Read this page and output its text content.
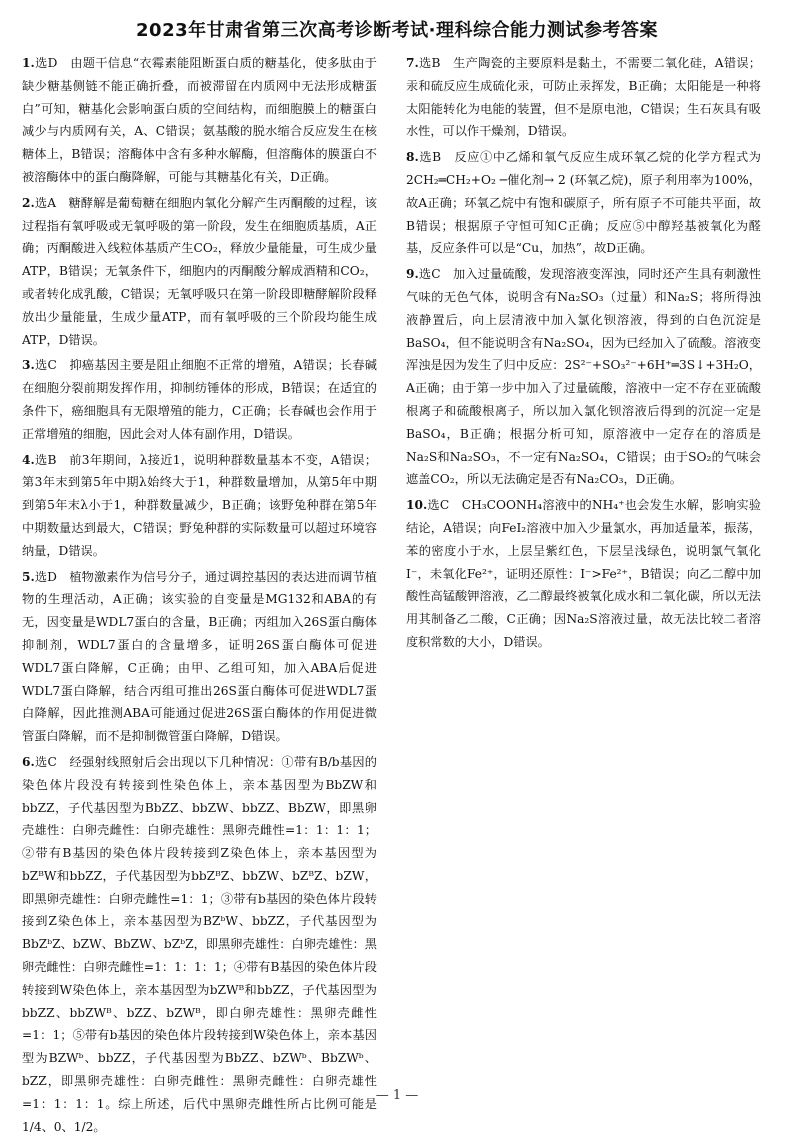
2023年甘肃省第三次高考诊断考试·理科综合能力测试参考答案

1.选D　由题干信息“衣霉素能阻断蛋白质的糖基化，使多肽由于缺少糖基侧链不能正确折叠，而被滞留在内质网中无法形成糖蛋白”可知，糖基化会影响蛋白质的空间结构，而细胞膜上的糖蛋白减少与内质网有关，A、C错误；氨基酸的脱水缩合反应发生在核糖体上，B错误；溶酶体中含有多种水解酶，但溶酶体的膜蛋白不被溶酶体中的蛋白酶降解，可能与其糖基化有关，D正确。

2.选A　糖酵解是葡萄糖在细胞内氧化分解产生丙酮酸的过程，该过程指有氧呼吸或无氧呼吸的第一阶段，发生在细胞质基质，A正确；丙酮酸进入线粒体基质产生CO₂，释放少量能量，可生成少量ATP，B错误；无氧条件下，细胞内的丙酮酸分解成酒精和CO₂，或者转化成乳酸，C错误；无氧呼吸只在第一阶段即糖酵解阶段释放出少量能量，生成少量ATP，而有氧呼吸的三个阶段均能生成ATP，D错误。

3.选C　抑癌基因主要是阻止细胞不正常的增殖，A错误；长春碱在细胞分裂前期发挥作用，抑制纺锤体的形成，B错误；在适宜的条件下，癌细胞具有无限增殖的能力，C正确；长春碱也会作用于正常增殖的细胞，因此会对人体有副作用，D错误。

4.选B　前3年期间，λ接近1，说明种群数量基本不变，A错误；第3年末到第5年中期λ始终大于1，种群数量增加，从第5年中期到第5年末λ小于1，种群数量减少，B正确；该野兔种群在第5年中期数量达到最大，C错误；野兔种群的实际数量可以超过环境容纳量，D错误。

5.选D　植物激素作为信号分子，通过调控基因的表达进而调节植物的生理活动，A正确；该实验的自变量是MG132和ABA的有无，因变量是WDL7蛋白的含量，B正确；丙组加入26S蛋白酶体抑制剂，WDL7蛋白的含量增多，证明26S蛋白酶体可促进WDL7蛋白降解，C正确；由甲、乙组可知，加入ABA后促进WDL7蛋白降解，结合丙组可推出26S蛋白酶体可促进WDL7蛋白降解，因此推测ABA可能通过促进26S蛋白酶体的作用促进微管蛋白降解，而不是抑制微管蛋白降解，D错误。

6.选C　经强射线照射后会出现以下几种情况：①带有B/b基因的染色体片段没有转接到性染色体上，亲本基因型为BbZW和bbZZ，子代基因型为BbZZ、bbZW、bbZZ、BbZW，即黑卵壳雄性：白卵壳雌性：白卵壳雄性：黑卵壳雌性=1：1：1：1；②带有B基因的染色体片段转接到Z染色体上，亲本基因型为bZᴮW和bbZZ，子代基因型为bbZᴮZ、bbZW、bZᴮZ、bZW，即黑卵壳雄性：白卵壳雌性=1：1；③带有b基因的染色体片段转接到Z染色体上，亲本基因型为BZᵇW、bbZZ，子代基因型为BbZᵇZ、bZW、BbZW、bZᵇZ，即黑卵壳雄性：白卵壳雄性：黑卵壳雌性：白卵壳雌性=1：1：1：1；④带有B基因的染色体片段转接到W染色体上，亲本基因型为bZWᴮ和bbZZ，子代基因型为bbZZ、bbZWᴮ、bZZ、bZWᴮ，即白卵壳雄性：黑卵壳雌性=1：1；⑤带有b基因的染色体片段转接到W染色体上，亲本基因型为BZWᵇ、bbZZ，子代基因型为BbZZ、bZWᵇ、BbZWᵇ、bZZ，即黑卵壳雄性：白卵壳雌性：黑卵壳雌性：白卵壳雄性=1：1：1：1。综上所述，后代中黑卵壳雌性所占比例可能是1/4、0、1/2。

7.选B　生产陶瓷的主要原料是黏土，不需要二氧化硅，A错误；汞和硫反应生成硫化汞，可防止汞挥发，B正确；太阳能是一种将太阳能转化为电能的装置，但不是原电池，C错误；生石灰具有吸水性，可以作干燥剂，D错误。

8.选B　反应①中乙烯和氧气反应生成环氧乙烷的化学方程式为2CH₂═CH₂+O₂ ─催化剂→ 2 (环氧乙烷)，原子利用率为100%，故A正确；环氧乙烷中有饱和碳原子，所有原子不可能共平面，故B错误；根据原子守恒可知C正确；反应⑤中醇羟基被氧化为醛基，反应条件可以是“Cu，加热”，故D正确。

9.选C　加入过量硫酸，发现溶液变浑浊，同时还产生具有刺激性气味的无色气体，说明含有Na₂SO₃（过量）和Na₂S；将所得浊液静置后，向上层清液中加入氯化钡溶液，得到的白色沉淀是BaSO₄，但不能说明含有Na₂SO₄，因为已经加入了硫酸。溶液变浑浊是因为发生了归中反应：2S²⁻+SO₃²⁻+6H⁺═3S↓+3H₂O，A正确；由于第一步中加入了过量硫酸，溶液中一定不存在亚硫酸根离子和硫酸根离子，所以加入氯化钡溶液后得到的沉淀一定是BaSO₄，B正确；根据分析可知，原溶液中一定存在的溶质是Na₂S和Na₂SO₃，不一定有Na₂SO₄，C错误；由于SO₂的气味会遮盖CO₂，所以无法确定是否有Na₂CO₃，D正确。

10.选C　CH₃COONH₄溶液中的NH₄⁺也会发生水解，影响实验结论，A错误；向FeI₂溶液中加入少量氯水，再加适量苯，振荡，苯的密度小于水，上层呈紫红色，下层呈浅绿色，说明氯气氧化I⁻，未氧化Fe²⁺，证明还原性：I⁻>Fe²⁺，B错误；向乙二醇中加酸性高锰酸钾溶液，乙二醇最终被氧化成水和二氧化碳，所以无法用其制备乙二酸，C正确；因Na₂S溶液过量，故无法比较二者溶度积常数的大小，D错误。

— 1 —
